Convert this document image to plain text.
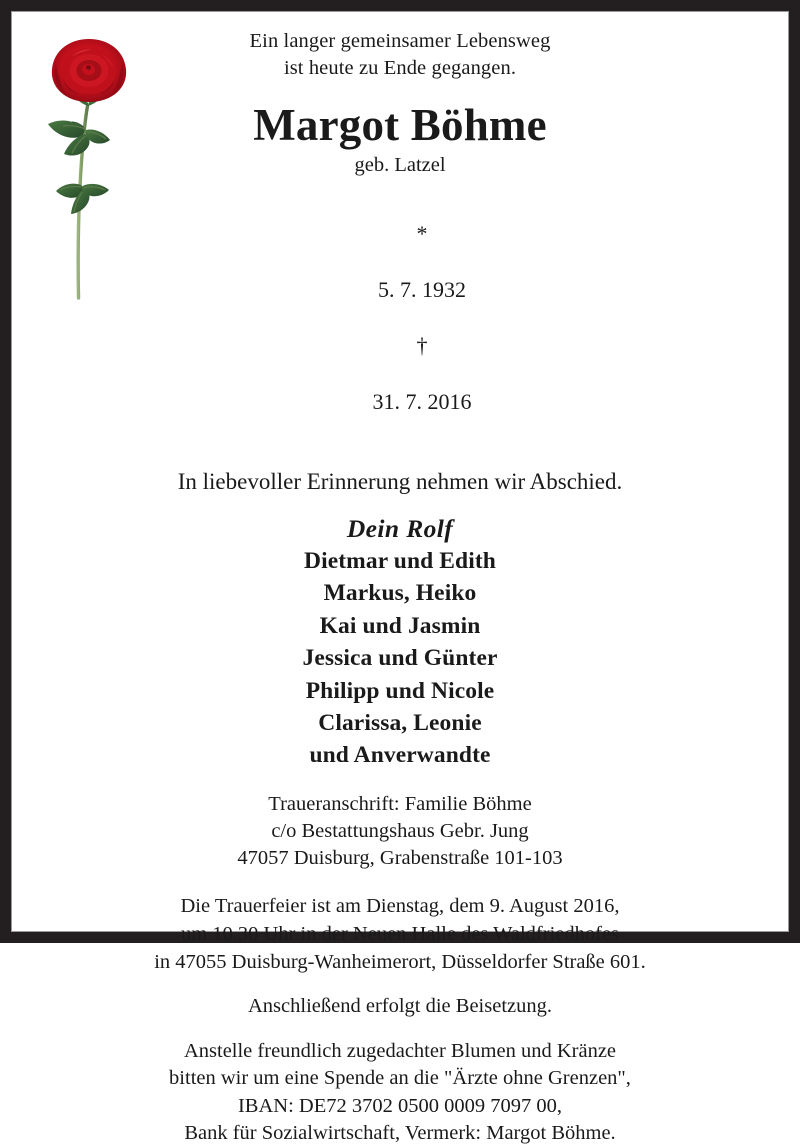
Ein langer gemeinsamer Lebensweg
ist heute zu Ende gegangen.
Margot Böhme
geb. Latzel

*

5. 7. 1932

†

31. 7. 2016

In liebevoller Erinnerung nehmen wir Abschied.
Dein Rolf
Dietmar und Edith
Markus, Heiko
Kai und Jasmin
Jessica und Günter
Philipp und Nicole
Clarissa, Leonie
und Anverwandte
Traueranschrift: Familie Böhme
c/o Bestattungshaus Gebr. Jung
47057 Duisburg, Grabenstraße 101-103
Die Trauerfeier ist am Dienstag, dem 9. August 2016,
um 10.30 Uhr in der Neuen Halle des Waldfriedhofes
in 47055 Duisburg-Wanheimerort, Düsseldorfer Straße 601.
Anschließend erfolgt die Beisetzung.
Anstelle freundlich zugedachter Blumen und Kränze
bitten wir um eine Spende an die "Ärzte ohne Grenzen",
IBAN: DE72 3702 0500 0009 7097 00,
Bank für Sozialwirtschaft, Vermerk: Margot Böhme.
